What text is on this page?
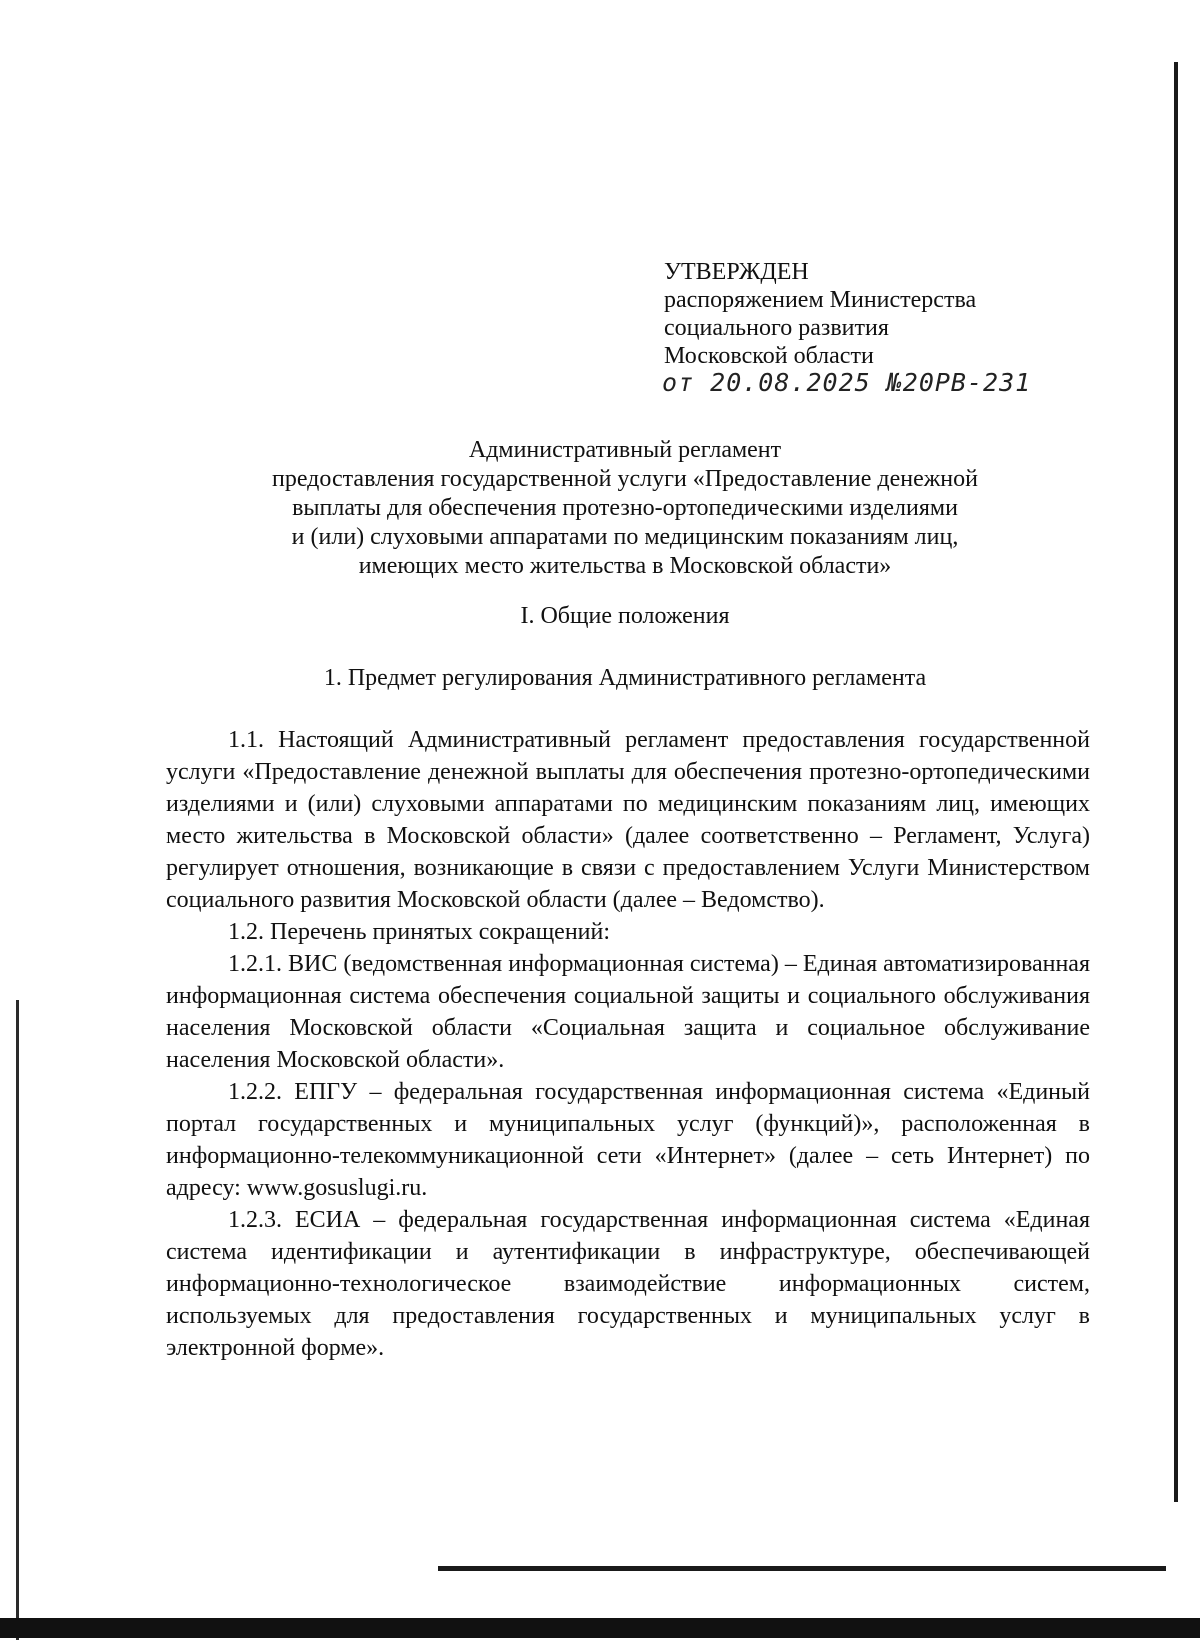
УТВЕРЖДЕН
распоряжением Министерства
социального развития
Московской области
от 20.08.2025 №20РВ-231
Административный регламент
предоставления государственной услуги «Предоставление денежной
выплаты для обеспечения протезно-ортопедическими изделиями
и (или) слуховыми аппаратами по медицинским показаниям лиц,
имеющих место жительства в Московской области»
I. Общие положения
1. Предмет регулирования Административного регламента

1.1. Настоящий Административный регламент предоставления государственной услуги «Предоставление денежной выплаты для обеспечения протезно-ортопедическими изделиями и (или) слуховыми аппаратами по медицинским показаниям лиц, имеющих место жительства в Московской области» (далее соответственно – Регламент, Услуга) регулирует отношения, возникающие в связи с предоставлением Услуги Министерством социального развития Московской области (далее – Ведомство).

1.2. Перечень принятых сокращений:

1.2.1. ВИС (ведомственная информационная система) – Единая автоматизированная информационная система обеспечения социальной защиты и социального обслуживания населения Московской области «Социальная защита и социальное обслуживание населения Московской области».

1.2.2. ЕПГУ – федеральная государственная информационная система «Единый портал государственных и муниципальных услуг (функций)», расположенная в информационно-телекоммуникационной сети «Интернет» (далее – сеть Интернет) по адресу: www.gosuslugi.ru.

1.2.3. ЕСИА – федеральная государственная информационная система «Единая система идентификации и аутентификации в инфраструктуре, обеспечивающей информационно-технологическое взаимодействие информационных систем, используемых для предоставления государственных и муниципальных услуг в электронной форме».
